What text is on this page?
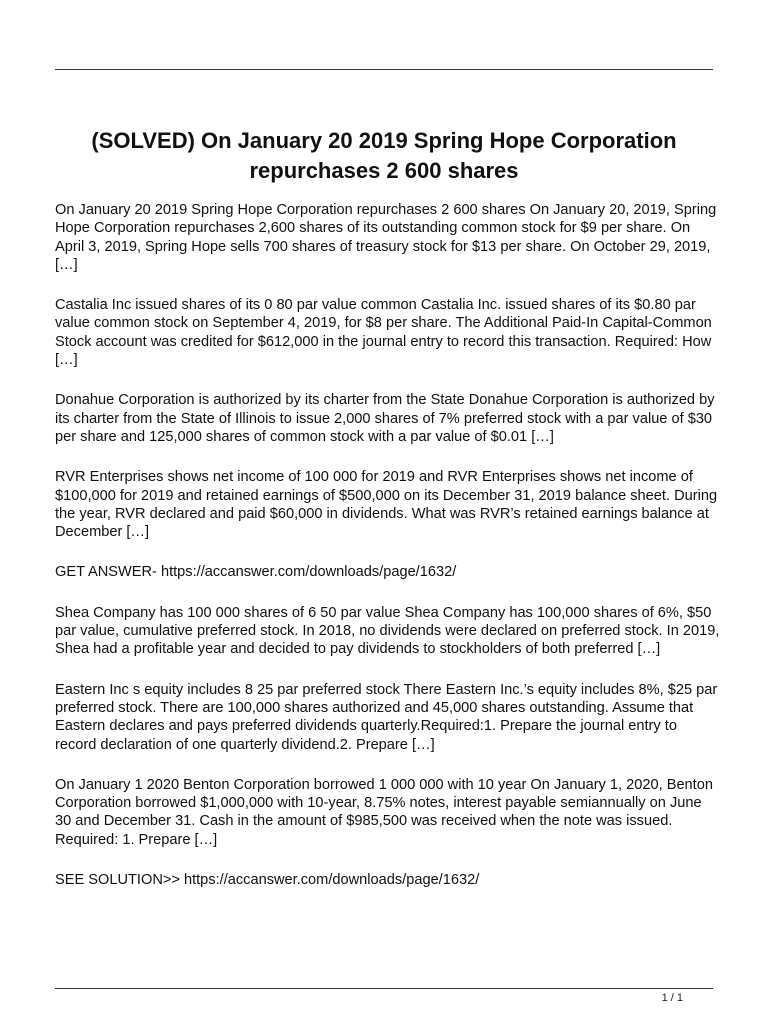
(SOLVED) On January 20 2019 Spring Hope Corporation repurchases 2 600 shares

On January 20 2019 Spring Hope Corporation repurchases 2 600 shares On January 20, 2019, Spring Hope Corporation repurchases 2,600 shares of its outstanding common stock for $9 per share. On April 3, 2019, Spring Hope sells 700 shares of treasury stock for $13 per share. On October 29, 2019, […]

Castalia Inc issued shares of its 0 80 par value common Castalia Inc. issued shares of its $0.80 par value common stock on September 4, 2019, for $8 per share. The Additional Paid-In Capital-Common Stock account was credited for $612,000 in the journal entry to record this transaction. Required: How […]

Donahue Corporation is authorized by its charter from the State Donahue Corporation is authorized by its charter from the State of Illinois to issue 2,000 shares of 7% preferred stock with a par value of $30 per share and 125,000 shares of common stock with a par value of $0.01 […]

RVR Enterprises shows net income of 100 000 for 2019 and RVR Enterprises shows net income of $100,000 for 2019 and retained earnings of $500,000 on its December 31, 2019 balance sheet. During the year, RVR declared and paid $60,000 in dividends. What was RVR’s retained earnings balance at December […]

GET ANSWER- https://accanswer.com/downloads/page/1632/

Shea Company has 100 000 shares of 6 50 par value Shea Company has 100,000 shares of 6%, $50 par value, cumulative preferred stock. In 2018, no dividends were declared on preferred stock. In 2019, Shea had a profitable year and decided to pay dividends to stockholders of both preferred […]

Eastern Inc s equity includes 8 25 par preferred stock There Eastern Inc.’s equity includes 8%, $25 par preferred stock. There are 100,000 shares authorized and 45,000 shares outstanding. Assume that Eastern declares and pays preferred dividends quarterly.Required:1. Prepare the journal entry to record declaration of one quarterly dividend.2. Prepare […]

On January 1 2020 Benton Corporation borrowed 1 000 000 with 10 year On January 1, 2020, Benton Corporation borrowed $1,000,000 with 10-year, 8.75% notes, interest payable semiannually on June 30 and December 31. Cash in the amount of $985,500 was received when the note was issued. Required: 1. Prepare […]

SEE SOLUTION>> https://accanswer.com/downloads/page/1632/

1 / 1
